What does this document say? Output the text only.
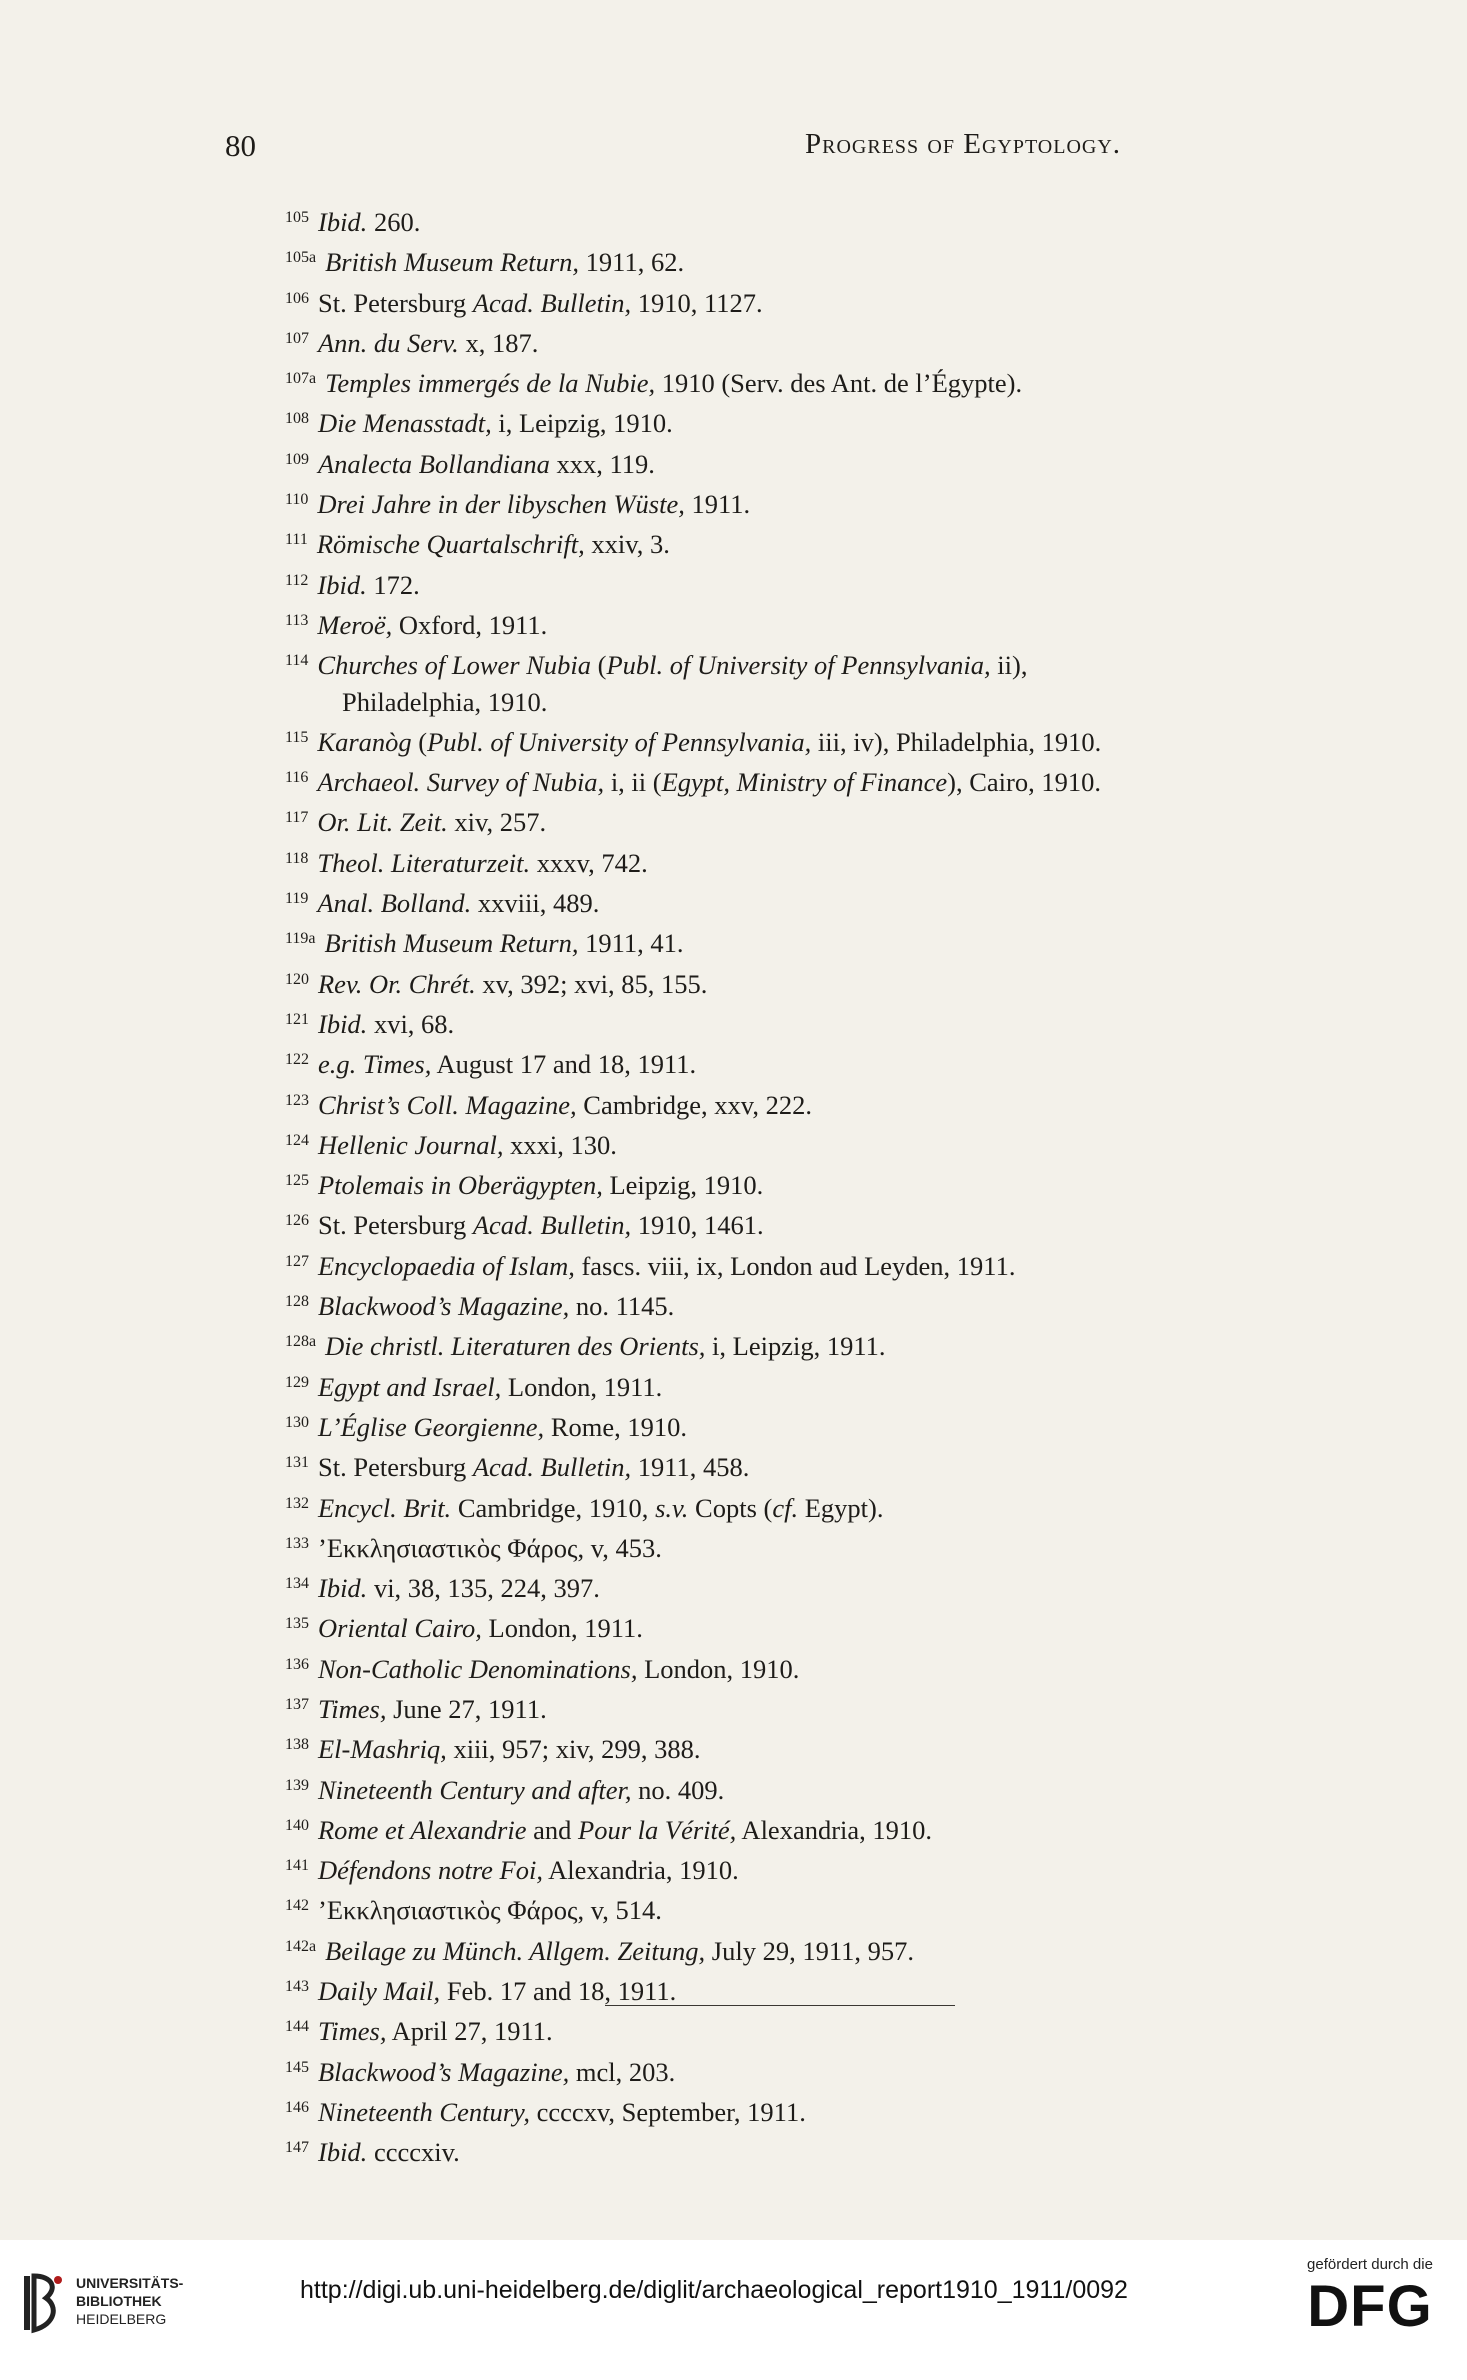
80	Progress of Egyptology.
$^{105}$ Ibid. 260.
$^{105a}$ British Museum Return, 1911, 62.
$^{106}$ St. Petersburg Acad. Bulletin, 1910, 1127.
$^{107}$ Ann. du Serv. x, 187.
$^{107a}$ Temples immergés de la Nubie, 1910 (Serv. des Ant. de l’Égypte).
$^{108}$ Die Menasstadt, i, Leipzig, 1910.
$^{109}$ Analecta Bollandiana xxx, 119.
$^{110}$ Drei Jahre in der libyschen Wüste, 1911.
$^{111}$ Römische Quartalschrift, xxiv, 3.
$^{112}$ Ibid. 172.
$^{113}$ Meroë, Oxford, 1911.
$^{114}$ Churches of Lower Nubia (Publ. of University of Pennsylvania, ii),
Philadelphia, 1910.
$^{115}$ Karanòg (Publ. of University of Pennsylvania, iii, iv), Philadelphia, 1910.
$^{116}$ Archaeol. Survey of Nubia, i, ii (Egypt, Ministry of Finance), Cairo, 1910.
$^{117}$ Or. Lit. Zeit. xiv, 257.
$^{118}$ Theol. Literaturzeit. xxxv, 742.
$^{119}$ Anal. Bolland. xxviii, 489.
$^{119a}$ British Museum Return, 1911, 41.
$^{120}$ Rev. Or. Chrét. xv, 392; xvi, 85, 155.
$^{121}$ Ibid. xvi, 68.
$^{122}$ e.g. Times, August 17 and 18, 1911.
$^{123}$ Christ’s Coll. Magazine, Cambridge, xxv, 222.
$^{124}$ Hellenic Journal, xxxi, 130.
$^{125}$ Ptolemais in Oberägypten, Leipzig, 1910.
$^{126}$ St. Petersburg Acad. Bulletin, 1910, 1461.
$^{127}$ Encyclopaedia of Islam, fascs. viii, ix, London aud Leyden, 1911.
$^{128}$ Blackwood’s Magazine, no. 1145.
$^{128a}$ Die christl. Literaturen des Orients, i, Leipzig, 1911.
$^{129}$ Egypt and Israel, London, 1911.
$^{130}$ L’Église Georgienne, Rome, 1910.
$^{131}$ St. Petersburg Acad. Bulletin, 1911, 458.
$^{132}$ Encycl. Brit. Cambridge, 1910, s.v. Copts (cf. Egypt).
$^{133}$ ’Εκκλησιαστικὸς Φάρος, v, 453.
$^{134}$ Ibid. vi, 38, 135, 224, 397.
$^{135}$ Oriental Cairo, London, 1911.
$^{136}$ Non-Catholic Denominations, London, 1910.
$^{137}$ Times, June 27, 1911.
$^{138}$ El-Mashriq, xiii, 957; xiv, 299, 388.
$^{139}$ Nineteenth Century and after, no. 409.
$^{140}$ Rome et Alexandrie and Pour la Vérité, Alexandria, 1910.
$^{141}$ Défendons notre Foi, Alexandria, 1910.
$^{142}$ ’Εκκλησιαστικὸς Φάρος, v, 514.
$^{142a}$ Beilage zu Münch. Allgem. Zeitung, July 29, 1911, 957.
$^{143}$ Daily Mail, Feb. 17 and 18, 1911.
$^{144}$ Times, April 27, 1911.
$^{145}$ Blackwood’s Magazine, mcl, 203.
$^{146}$ Nineteenth Century, ccccxv, September, 1911.
$^{147}$ Ibid. ccccxiv.
UNIVERSITÄTS-
BIBLIOTHEK
HEIDELBERG
http://digi.ub.uni-heidelberg.de/diglit/archaeological_report1910_1911/0092
gefördert durch die
DFG
